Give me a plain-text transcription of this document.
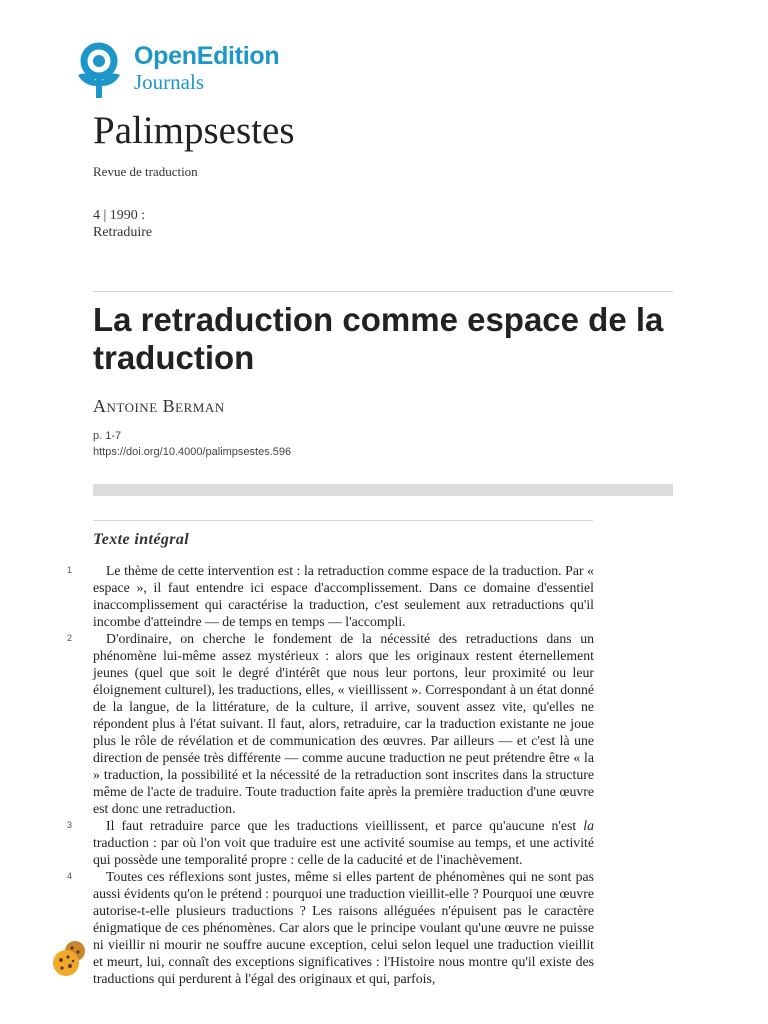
OpenEdition
Journals
Palimpsestes
Revue de traduction
4 | 1990 :
Retraduire
La retraduction comme espace de la traduction
Antoine Berman
p. 1-7
https://doi.org/10.4000/palimpsestes.596
Texte intégral
1	Le thème de cette intervention est : la retraduction comme espace de la traduction. Par « espace », il faut entendre ici espace d'accomplissement. Dans ce domaine d'essentiel inaccomplissement qui caractérise la traduction, c'est seulement aux retraductions qu'il incombe d'atteindre — de temps en temps — l'accompli.

2	D'ordinaire, on cherche le fondement de la nécessité des retraductions dans un phénomène lui-même assez mystérieux : alors que les originaux restent éternellement jeunes (quel que soit le degré d'intérêt que nous leur portons, leur proximité ou leur éloignement culturel), les traductions, elles, « vieillissent ». Correspondant à un état donné de la langue, de la littérature, de la culture, il arrive, souvent assez vite, qu'elles ne répondent plus à l'état suivant. Il faut, alors, retraduire, car la traduction existante ne joue plus le rôle de révélation et de communication des œuvres. Par ailleurs — et c'est là une direction de pensée très différente — comme aucune traduction ne peut prétendre être « la » traduction, la possibilité et la nécessité de la retraduction sont inscrites dans la structure même de l'acte de traduire. Toute traduction faite après la première traduction d'une œuvre est donc une retraduction.

3	Il faut retraduire parce que les traductions vieillissent, et parce qu'aucune n'est la traduction : par où l'on voit que traduire est une activité soumise au temps, et une activité qui possède une temporalité propre : celle de la caducité et de l'inachèvement.

4	Toutes ces réflexions sont justes, même si elles partent de phénomènes qui ne sont pas aussi évidents qu'on le prétend : pourquoi une traduction vieillit-elle ? Pourquoi une œuvre autorise-t-elle plusieurs traductions ? Les raisons alléguées n'épuisent pas le caractère énigmatique de ces phénomènes. Car alors que le principe voulant qu'une œuvre ne puisse ni vieillir ni mourir ne souffre aucune exception, celui selon lequel une traduction vieillit et meurt, lui, connaît des exceptions significatives : l'Histoire nous montre qu'il existe des traductions qui perdurent à l'égal des originaux et qui, parfois,
